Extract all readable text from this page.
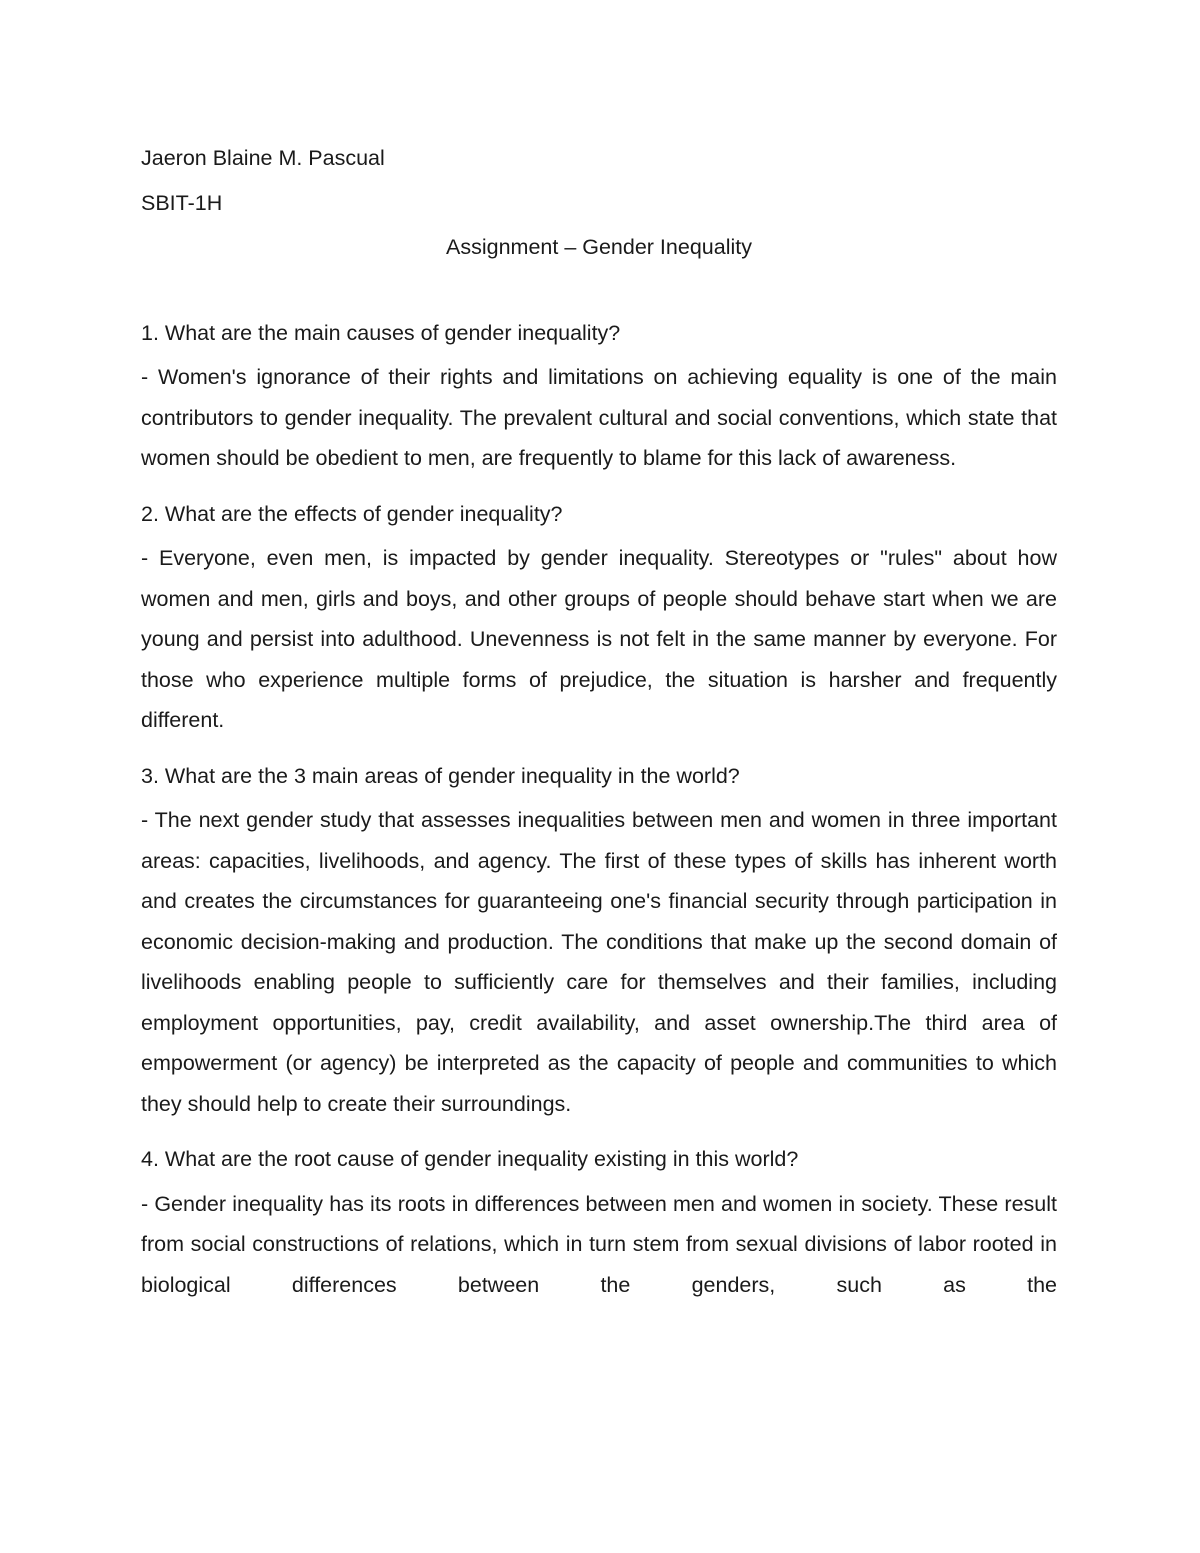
Jaeron Blaine M. Pascual

SBIT-1H

Assignment – Gender Inequality

1. What are the main causes of gender inequality?

- Women's ignorance of their rights and limitations on achieving equality is one of the main contributors to gender inequality. The prevalent cultural and social conventions, which state that women should be obedient to men, are frequently to blame for this lack of awareness.

2. What are the effects of gender inequality?

- Everyone, even men, is impacted by gender inequality. Stereotypes or "rules" about how women and men, girls and boys, and other groups of people should behave start when we are young and persist into adulthood. Unevenness is not felt in the same manner by everyone. For those who experience multiple forms of prejudice, the situation is harsher and frequently different.

3. What are the 3 main areas of gender inequality in the world?

- The next gender study that assesses inequalities between men and women in three important areas: capacities, livelihoods, and agency. The first of these types of skills has inherent worth and creates the circumstances for guaranteeing one's financial security through participation in economic decision-making and production. The conditions that make up the second domain of livelihoods enabling people to sufficiently care for themselves and their families, including employment opportunities, pay, credit availability, and asset ownership.The third area of empowerment (or agency) be interpreted as the capacity of people and communities to which they should help to create their surroundings.

4. What are the root cause of gender inequality existing in this world?

- Gender inequality has its roots in differences between men and women in society. These result from social constructions of relations, which in turn stem from sexual divisions of labor rooted in biological differences between the genders, such as the
